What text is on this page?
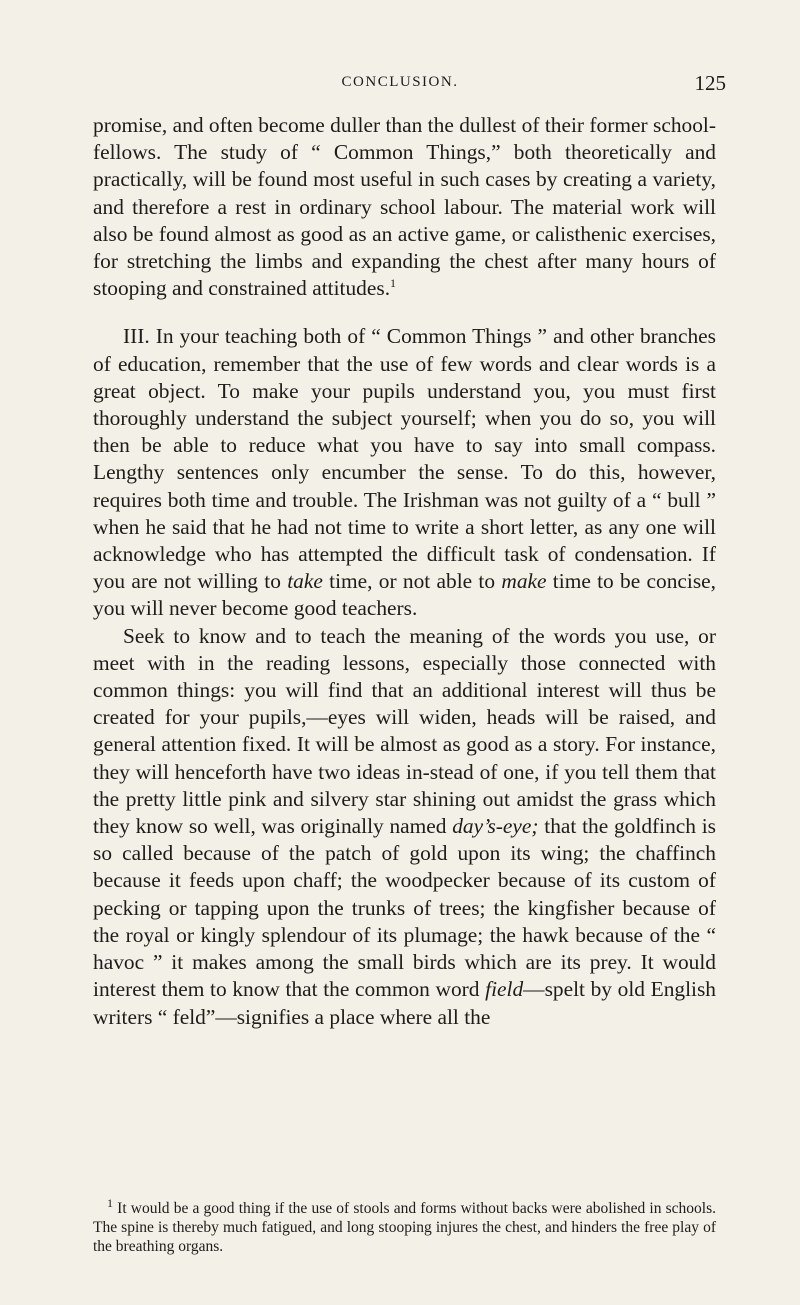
CONCLUSION.	125

promise, and often become duller than the dullest of their former school-fellows. The study of “ Common Things,” both theoretically and practically, will be found most useful in such cases by creating a variety, and therefore a rest in ordinary school labour. The material work will also be found almost as good as an active game, or calisthenic exercises, for stretching the limbs and expanding the chest after many hours of stooping and constrained attitudes.$^1$

III. In your teaching both of “ Common Things ” and other branches of education, remember that the use of few words and clear words is a great object. To make your pupils understand you, you must first thoroughly understand the subject yourself; when you do so, you will then be able to reduce what you have to say into small compass. Lengthy sentences only encumber the sense. To do this, however, requires both time and trouble. The Irishman was not guilty of a “ bull ” when he said that he had not time to write a short letter, as any one will acknowledge who has attempted the difficult task of condensation. If you are not willing to take time, or not able to make time to be concise, you will never become good teachers.

Seek to know and to teach the meaning of the words you use, or meet with in the reading lessons, especially those connected with common things: you will find that an additional interest will thus be created for your pupils,—eyes will widen, heads will be raised, and general attention fixed. It will be almost as good as a story. For instance, they will henceforth have two ideas in-stead of one, if you tell them that the pretty little pink and silvery star shining out amidst the grass which they know so well, was originally named day’s-eye; that the goldfinch is so called because of the patch of gold upon its wing; the chaffinch because it feeds upon chaff; the woodpecker because of its custom of pecking or tapping upon the trunks of trees; the kingfisher because of the royal or kingly splendour of its plumage; the hawk because of the “ havoc ” it makes among the small birds which are its prey. It would interest them to know that the common word field—spelt by old English writers “ feld”—signifies a place where all the

$^1$ It would be a good thing if the use of stools and forms without backs were abolished in schools. The spine is thereby much fatigued, and long stooping injures the chest, and hinders the free play of the breathing organs.
